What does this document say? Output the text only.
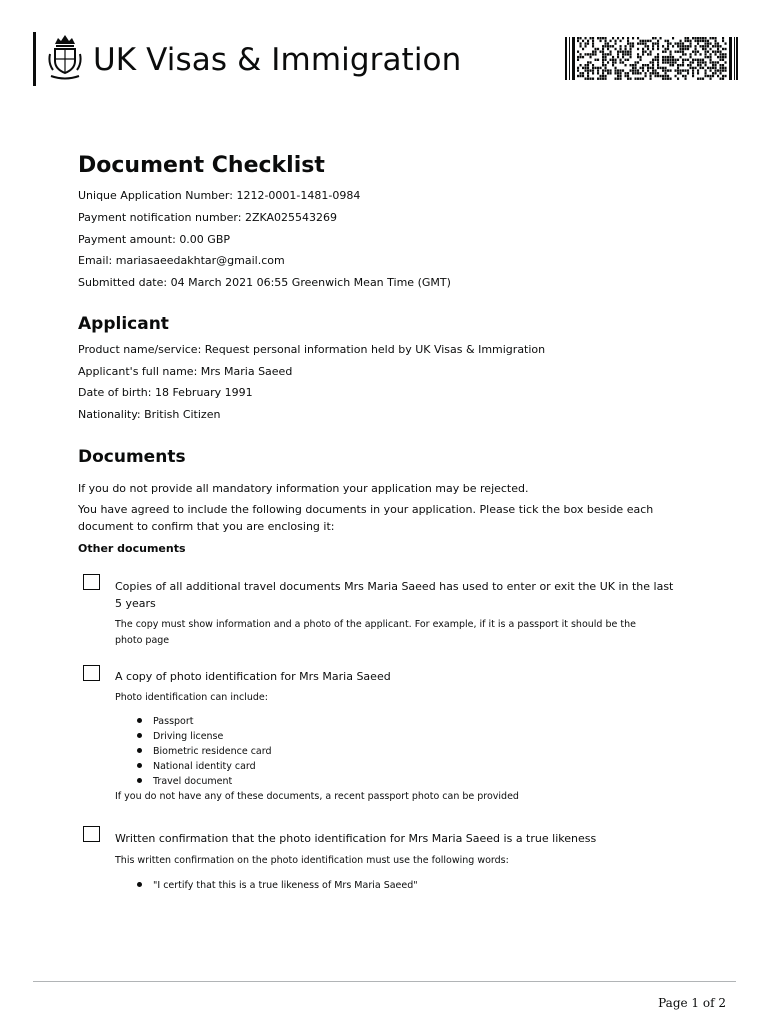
UK Visas & Immigration
Document Checklist
Unique Application Number: 1212-0001-1481-0984
Payment notification number: 2ZKA025543269
Payment amount: 0.00 GBP
Email: mariasaeedakhtar@gmail.com
Submitted date: 04 March 2021 06:55 Greenwich Mean Time (GMT)
Applicant
Product name/service: Request personal information held by UK Visas & Immigration
Applicant's full name: Mrs Maria Saeed
Date of birth: 18 February 1991
Nationality: British Citizen
Documents
If you do not provide all mandatory information your application may be rejected.
You have agreed to include the following documents in your application. Please tick the box beside each
document to confirm that you are enclosing it:
Other documents
Copies of all additional travel documents Mrs Maria Saeed has used to enter or exit the UK in the last 5 years
The copy must show information and a photo of the applicant. For example, if it is a passport it should be the photo page
A copy of photo identification for Mrs Maria Saeed
Photo identification can include:
Passport
Driving license
Biometric residence card
National identity card
Travel document
If you do not have any of these documents, a recent passport photo can be provided
Written confirmation that the photo identification for Mrs Maria Saeed is a true likeness
This written confirmation on the photo identification must use the following words:
"I certify that this is a true likeness of Mrs Maria Saeed"
Page 1 of 2
